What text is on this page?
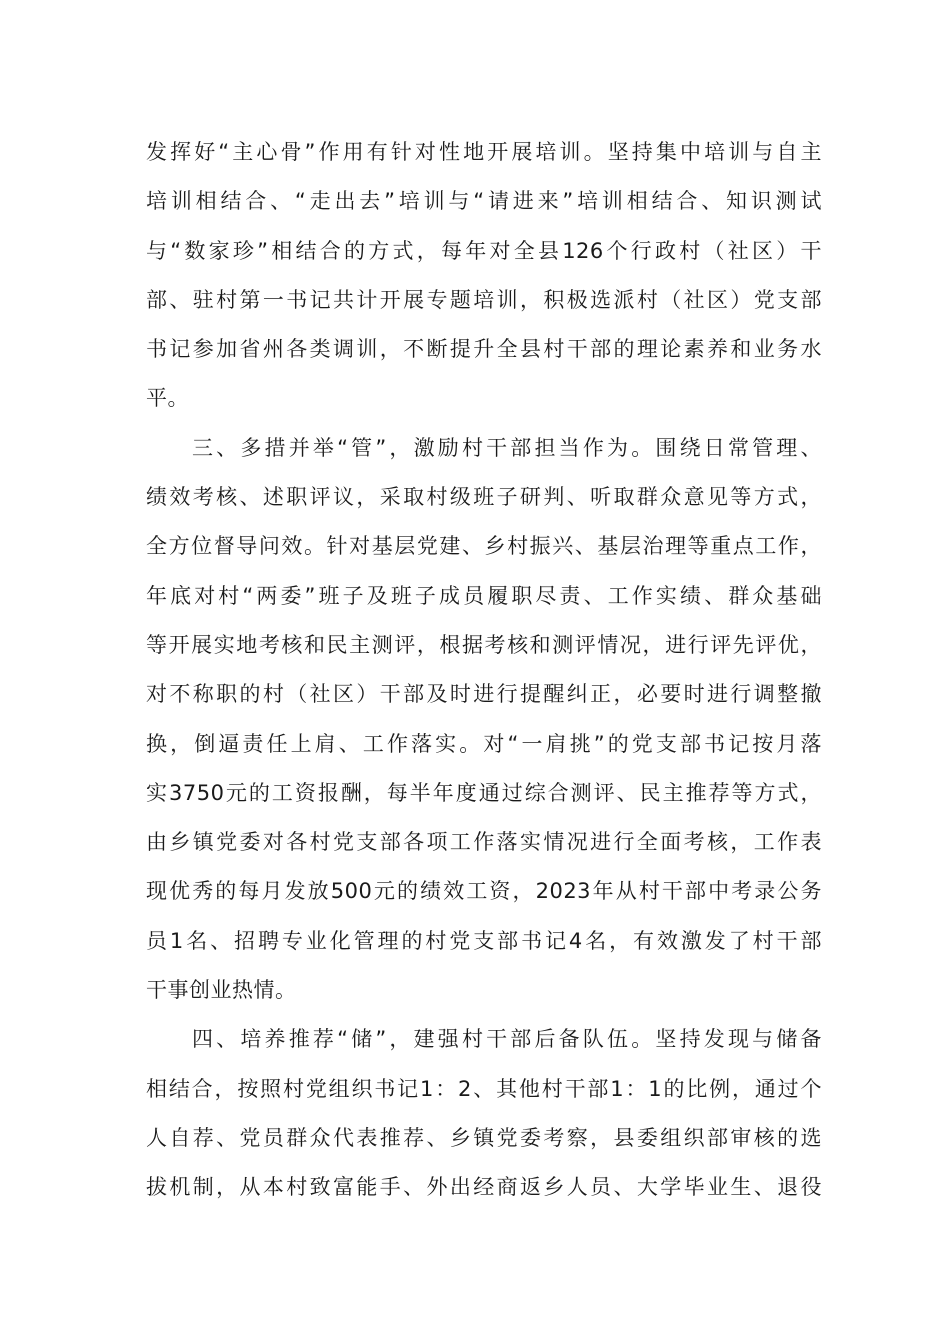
发挥好“主心骨”作用有针对性地开展培训。坚持集中培训与自主
培训相结合、“走出去”培训与“请进来”培训相结合、知识测试
与“数家珍”相结合的方式，每年对全县126个行政村（社区）干
部、驻村第一书记共计开展专题培训，积极选派村（社区）党支部
书记参加省州各类调训，不断提升全县村干部的理论素养和业务水
平。
三、多措并举“管”，激励村干部担当作为。围绕日常管理、
绩效考核、述职评议，采取村级班子研判、听取群众意见等方式，
全方位督导问效。针对基层党建、乡村振兴、基层治理等重点工作，
年底对村“两委”班子及班子成员履职尽责、工作实绩、群众基础
等开展实地考核和民主测评，根据考核和测评情况，进行评先评优，
对不称职的村（社区）干部及时进行提醒纠正，必要时进行调整撤
换，倒逼责任上肩、工作落实。对“一肩挑”的党支部书记按月落
实3750元的工资报酬，每半年度通过综合测评、民主推荐等方式，
由乡镇党委对各村党支部各项工作落实情况进行全面考核，工作表
现优秀的每月发放500元的绩效工资，2023年从村干部中考录公务
员1名、招聘专业化管理的村党支部书记4名，有效激发了村干部
干事创业热情。
四、培养推荐“储”，建强村干部后备队伍。坚持发现与储备
相结合，按照村党组织书记1：2、其他村干部1：1的比例，通过个
人自荐、党员群众代表推荐、乡镇党委考察，县委组织部审核的选
拔机制，从本村致富能手、外出经商返乡人员、大学毕业生、退役
